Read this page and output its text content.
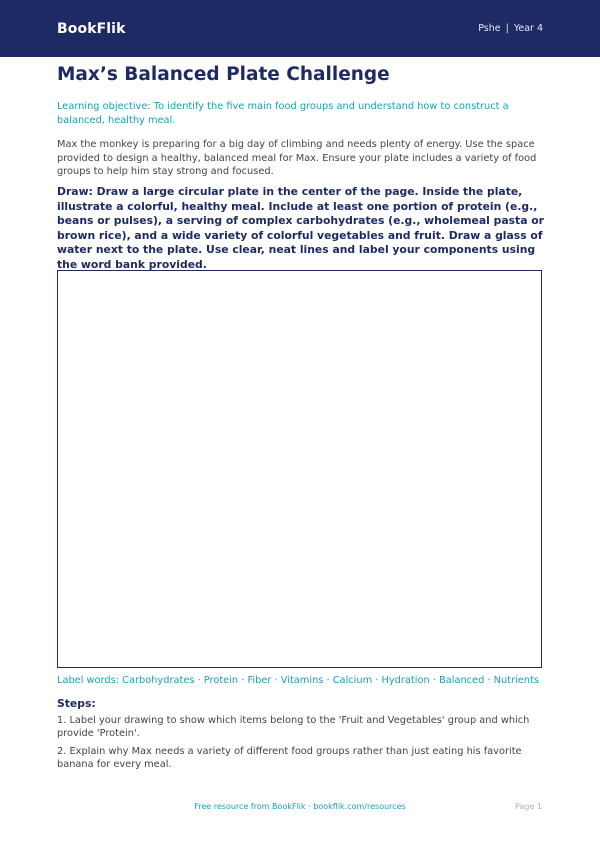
BookFlik	Pshe | Year 4
Max’s Balanced Plate Challenge
Learning objective: To identify the five main food groups and understand how to construct a balanced, healthy meal.
Max the monkey is preparing for a big day of climbing and needs plenty of energy. Use the space provided to design a healthy, balanced meal for Max. Ensure your plate includes a variety of food groups to help him stay strong and focused.
Draw: Draw a large circular plate in the center of the page. Inside the plate, illustrate a colorful, healthy meal. Include at least one portion of protein (e.g., beans or pulses), a serving of complex carbohydrates (e.g., wholemeal pasta or brown rice), and a wide variety of colorful vegetables and fruit. Draw a glass of water next to the plate. Use clear, neat lines and label your components using the word bank provided.
Label words: Carbohydrates · Protein · Fiber · Vitamins · Calcium · Hydration · Balanced · Nutrients
Steps:
1. Label your drawing to show which items belong to the 'Fruit and Vegetables' group and which provide 'Protein'.
2. Explain why Max needs a variety of different food groups rather than just eating his favorite banana for every meal.
Free resource from BookFlik · bookflik.com/resources	Page 1
